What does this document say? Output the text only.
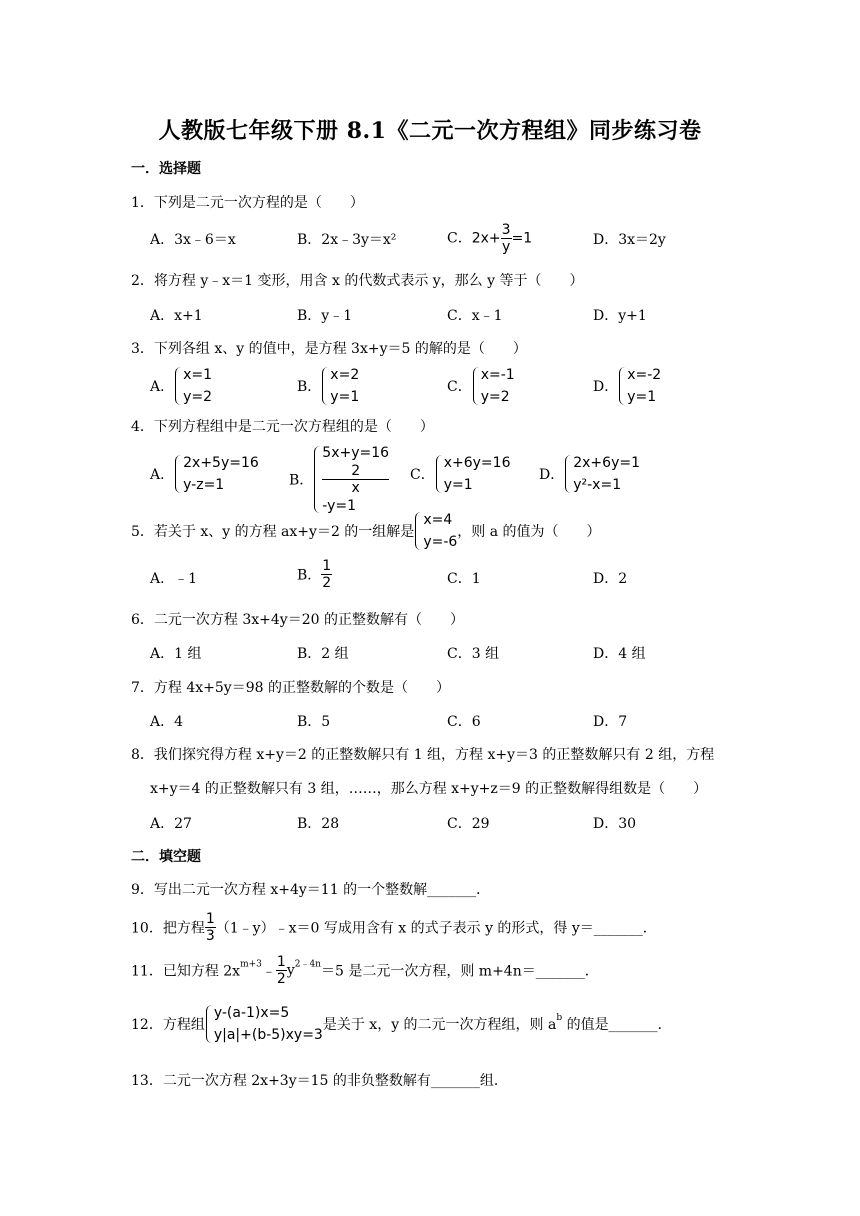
人教版七年级下册 8.1《二元一次方程组》同步练习卷
一．选择题
1．下列是二元一次方程的是（　　）
A．3x﹣6＝x	B．2x﹣3y＝x²	C．$2x+ \frac{3}{y} =1$	D．3x＝2y
2．将方程 y﹣x＝1 变形，用含 x 的代数式表示 y，那么 y 等于（　　）
A．x+1	B．y﹣1	C．x﹣1	D．y+1
3．下列各组 x、y 的值中，是方程 3x+y＝5 的解的是（　　）
A．
x=1
y=2
B．
x=2
y=1
C．
x=-1
y=2
D．
x=-2
y=1
4．下列方程组中是二元一次方程组的是（　　）
A．
2x+5y=16
y-z=1	B．
5x+y=16
2
x
-y=1
C．
x+6y=16
y=1
D．
2x+6y=1
y²-x=1
5．若关于 x、y 的方程 ax+y＝2 的一组解是
x=4
y=-6
，则 a 的值为（　　）
A．﹣1	B． $\frac{1}{2}$	C．1	D．2
6．二元一次方程 3x+4y＝20 的正整数解有（　　）
A．1 组	B．2 组	C．3 组	D．4 组
7．方程 4x+5y＝98 的正整数解的个数是（　　）
A．4	B．5	C．6	D．7
8．我们探究得方程 x+y＝2 的正整数解只有 1 组，方程 x+y＝3 的正整数解只有 2 组，方程
x+y＝4 的正整数解只有 3 组，……，那么方程 x+y+z＝9 的正整数解得组数是（　　）
A．27	B．28	C．29	D．30
二．填空题
9．写出二元一次方程 x+4y＝11 的一个整数解_______．
10．把方程 $\frac{1}{3}$ （1﹣y）﹣x＝0 写成用含有 x 的式子表示 y 的形式，得 y＝_______．
11．已知方程 $2x^{m+3}﹣ \frac{1}{2} y^{2﹣4n}=5$ 是二元一次方程，则 m+4n＝_______．
12．方程组
y-(a-1)x=5
y|a|+(b-5)xy=3
是关于 x，y 的二元一次方程组，则 $a^b$ 的值是_______．
13．二元一次方程 2x+3y＝15 的非负整数解有_______组．
